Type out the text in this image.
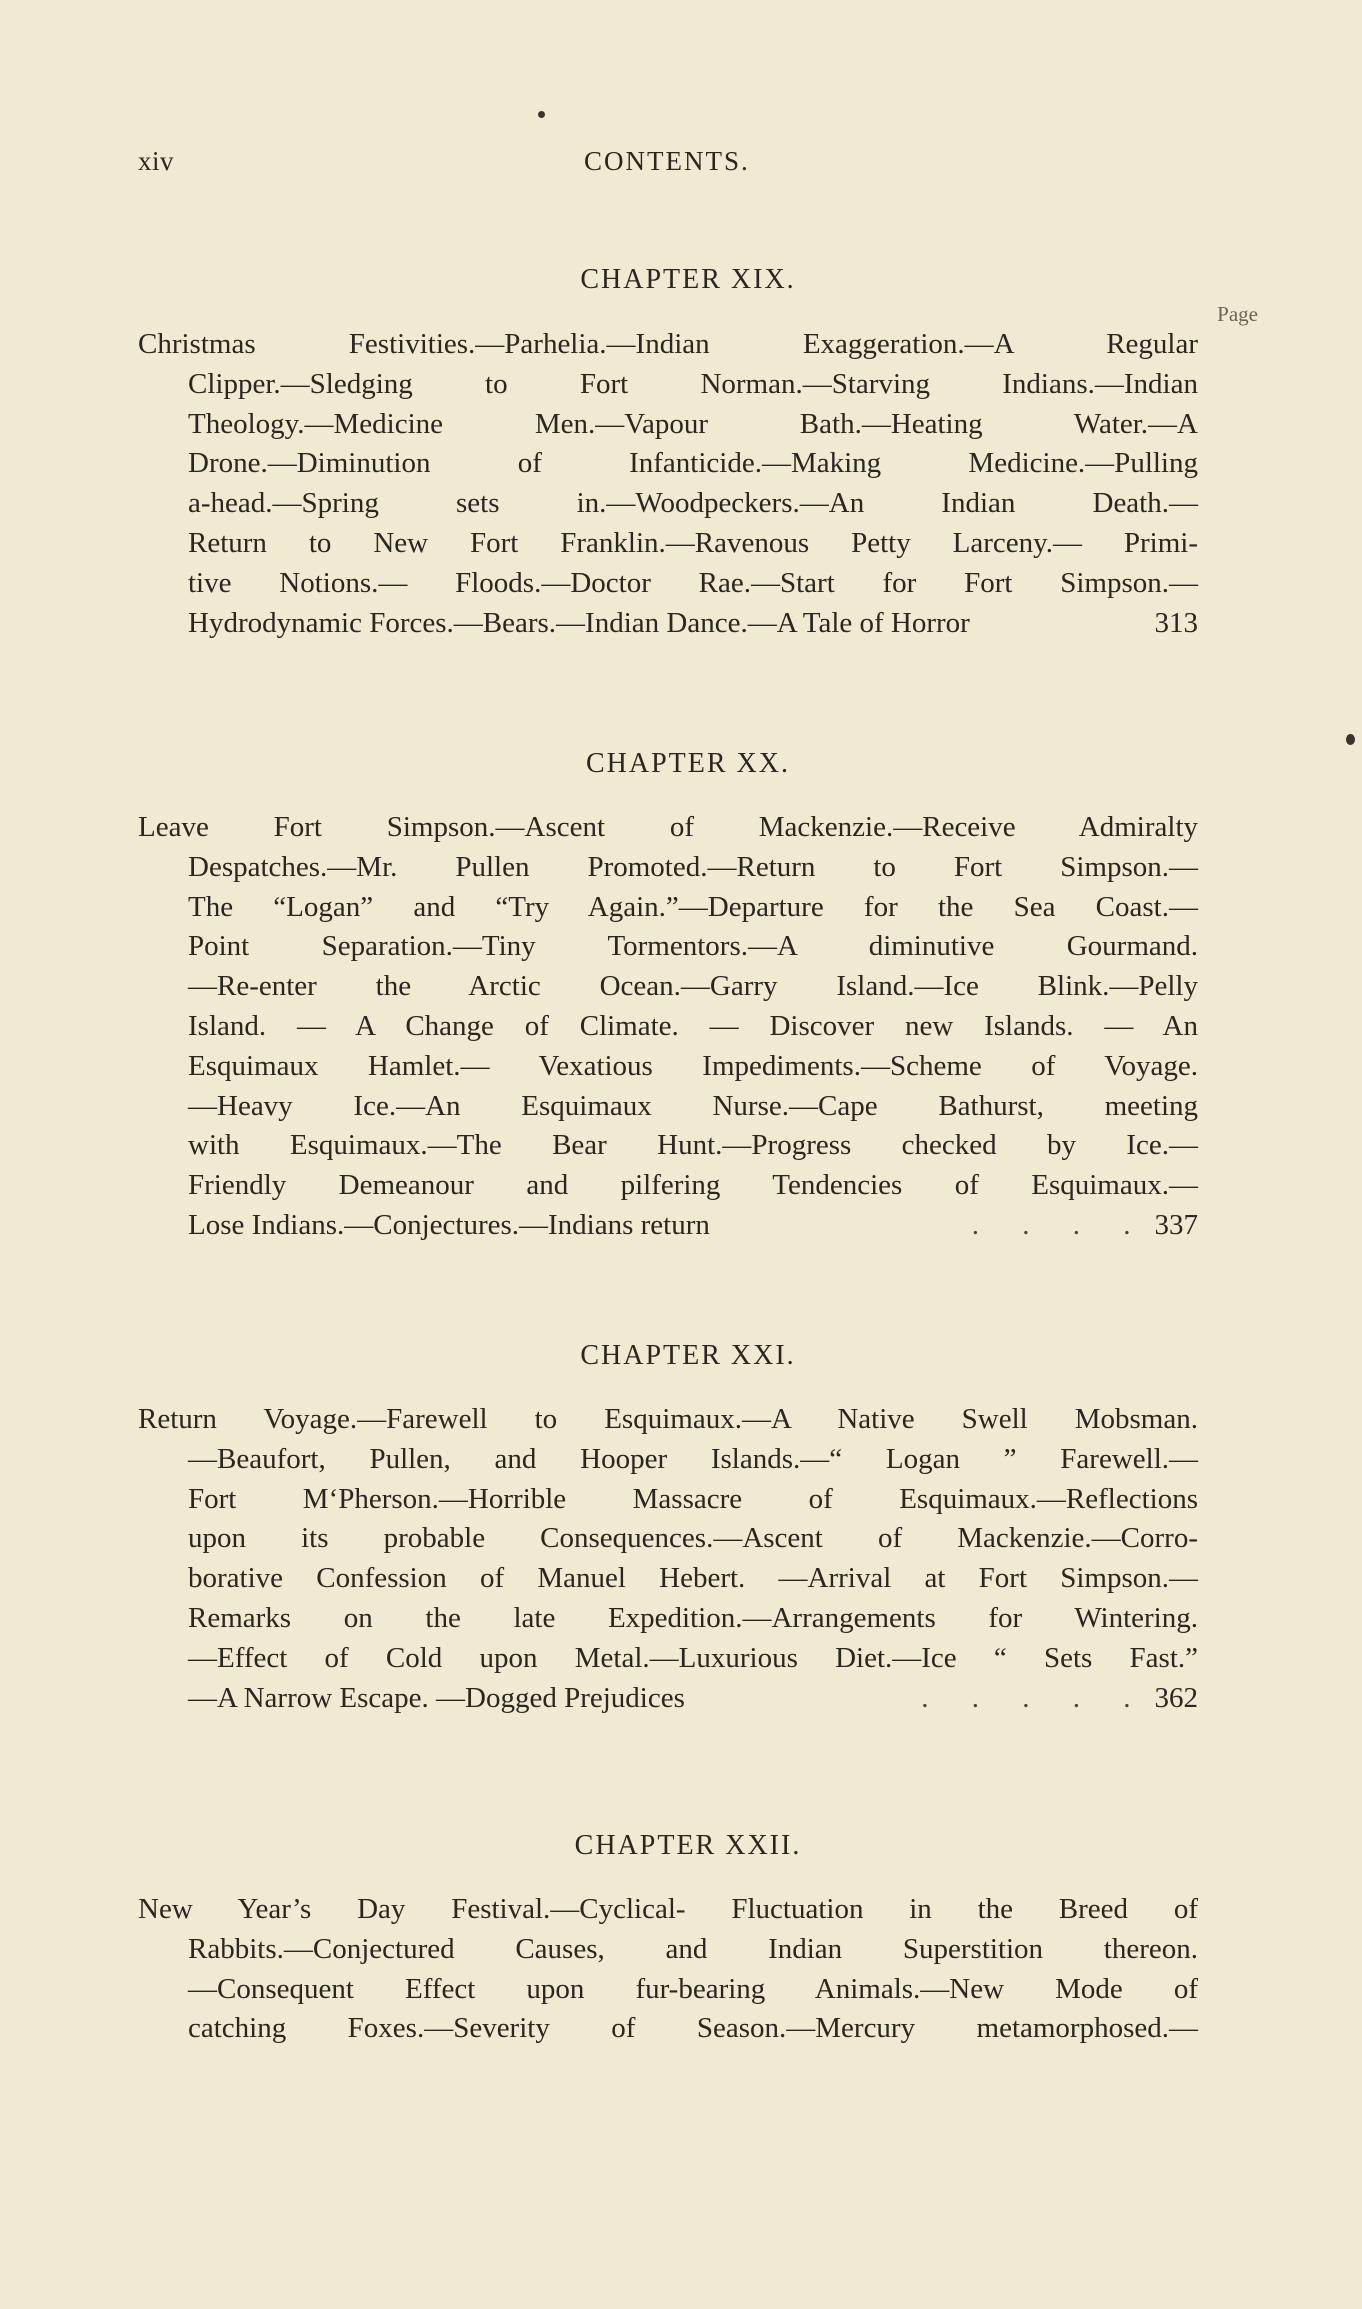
xiv	CONTENTS.
CHAPTER XIX.
Page
Christmas Festivities.—Parhelia.—Indian Exaggeration.—A Regular
Clipper.—Sledging to Fort Norman.—Starving Indians.—Indian
Theology.—Medicine Men.—Vapour Bath.—Heating Water.—A
Drone.—Diminution of Infanticide.—Making Medicine.—Pulling
a-head.—Spring sets in.—Woodpeckers.—An Indian Death.—
Return to New Fort Franklin.—Ravenous Petty Larceny.— Primi-
tive Notions.— Floods.—Doctor Rae.—Start for Fort Simpson.—
Hydrodynamic Forces.—Bears.—Indian Dance.—A Tale of Horror	313
CHAPTER XX.
Leave Fort Simpson.—Ascent of Mackenzie.—Receive Admiralty
Despatches.—Mr. Pullen Promoted.—Return to Fort Simpson.—
The “Logan” and “Try Again.”—Departure for the Sea Coast.—
Point Separation.—Tiny Tormentors.—A diminutive Gourmand.
—Re-enter the Arctic Ocean.—Garry Island.—Ice Blink.—Pelly
Island. — A Change of Climate. — Discover new Islands. — An
Esquimaux Hamlet.— Vexatious Impediments.—Scheme of Voyage.
—Heavy Ice.—An Esquimaux Nurse.—Cape Bathurst, meeting
with Esquimaux.—The Bear Hunt.—Progress checked by Ice.—
Friendly Demeanour and pilfering Tendencies of Esquimaux.—
Lose Indians.—Conjectures.—Indians return	. . . . 337
CHAPTER XXI.
Return Voyage.—Farewell to Esquimaux.—A Native Swell Mobsman.
—Beaufort, Pullen, and Hooper Islands.—“ Logan ” Farewell.—
Fort M‘Pherson.—Horrible Massacre of Esquimaux.—Reflections
upon its probable Consequences.—Ascent of Mackenzie.—Corro-
borative Confession of Manuel Hebert. —Arrival at Fort Simpson.—
Remarks on the late Expedition.—Arrangements for Wintering.
—Effect of Cold upon Metal.—Luxurious Diet.—Ice “ Sets Fast.”
—A Narrow Escape. —Dogged Prejudices	. . . . . 362
CHAPTER XXII.
New Year’s Day Festival.—Cyclical- Fluctuation in the Breed of
Rabbits.—Conjectured Causes, and Indian Superstition thereon.
—Consequent Effect upon fur-bearing Animals.—New Mode of
catching Foxes.—Severity of Season.—Mercury metamorphosed.—
